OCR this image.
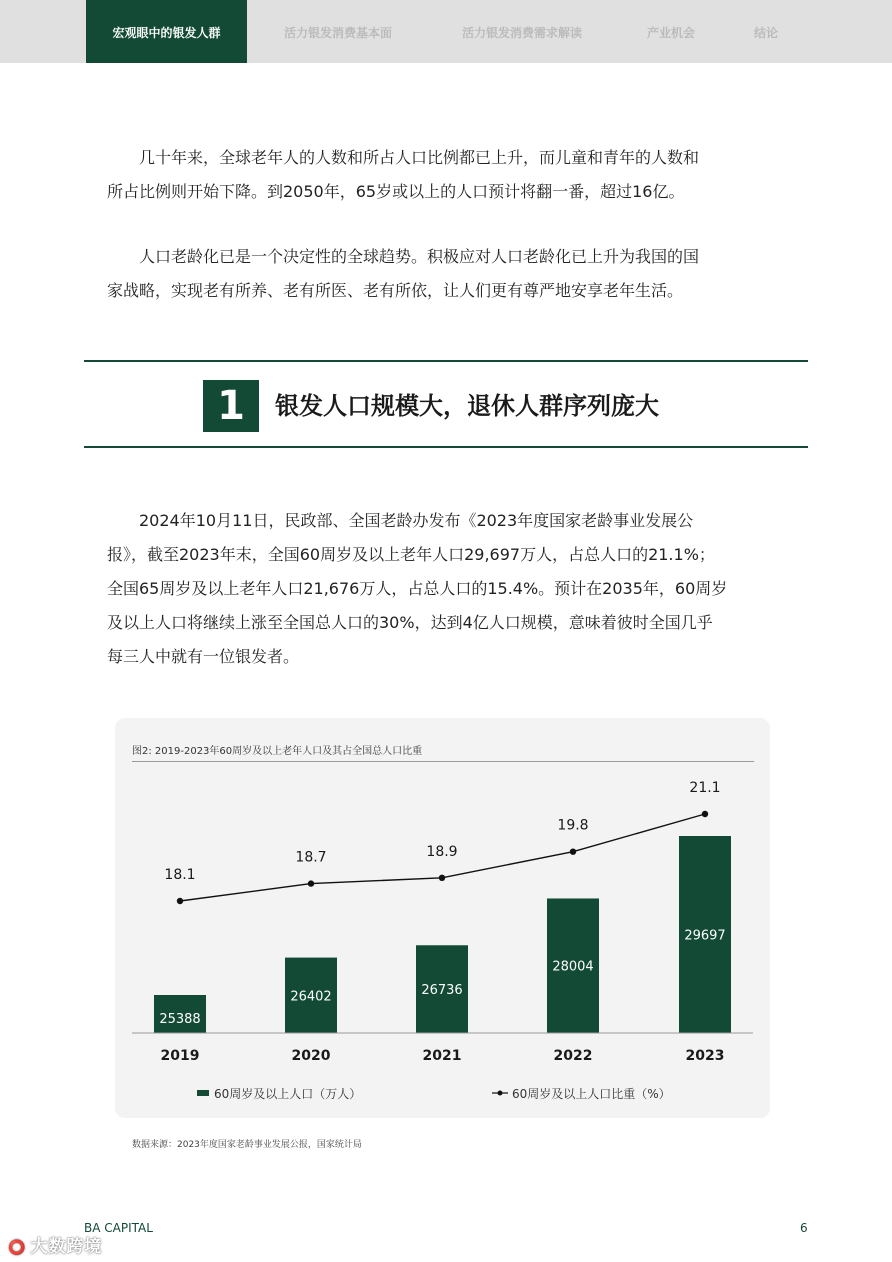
宏观眼中的银发人群	活力银发消费基本面	活力银发消费需求解读	产业机会	结论

几十年来，全球老年人的人数和所占人口比例都已上升，而儿童和青年的人数和
所占比例则开始下降。到2050年，65岁或以上的人口预计将翻一番，超过16亿。

人口老龄化已是一个决定性的全球趋势。积极应对人口老龄化已上升为我国的国
家战略，实现老有所养、老有所医、老有所依，让人们更有尊严地安享老年生活。

1	银发人口规模大，退休人群序列庞大

2024年10月11日，民政部、全国老龄办发布《2023年度国家老龄事业发展公
报》，截至2023年末，全国60周岁及以上老年人口29,697万人，占总人口的21.1%；
全国65周岁及以上老年人口21,676万人，占总人口的15.4%。预计在2035年，60周岁
及以上人口将继续上涨至全国总人口的30%，达到4亿人口规模，意味着彼时全国几乎
每三人中就有一位银发者。

图2: 2019-2023年60周岁及以上老年人口及其占全国总人口比重
25388
26402	26736
28004
29697
2019	2020	2021	2022	2023
18.1
18.7	18.9
19.8
21.1
60周岁及以上人口（万人）	60周岁及以上人口比重（%）
数据来源：2023年度国家老龄事业发展公报，国家统计局
BA CAPITAL	6
⭕ 大数跨境
